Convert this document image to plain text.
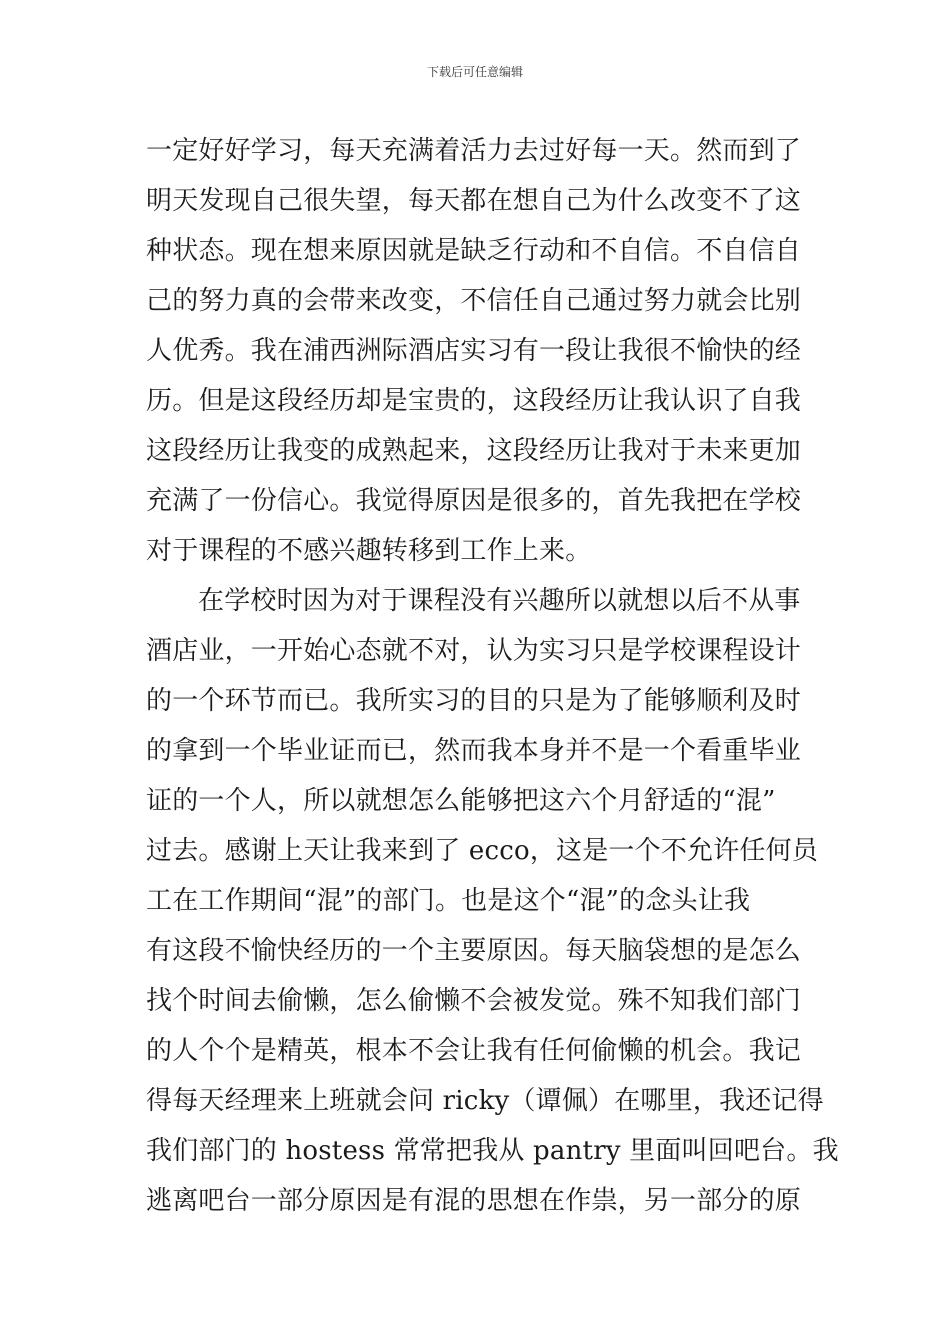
下载后可任意编辑
一定好好学习，每天充满着活力去过好每一天。然而到了
明天发现自己很失望，每天都在想自己为什么改变不了这
种状态。现在想来原因就是缺乏行动和不自信。不自信自
己的努力真的会带来改变，不信任自己通过努力就会比别
人优秀。我在浦西洲际酒店实习有一段让我很不愉快的经
历。但是这段经历却是宝贵的，这段经历让我认识了自我
这段经历让我变的成熟起来，这段经历让我对于未来更加
充满了一份信心。我觉得原因是很多的，首先我把在学校
对于课程的不感兴趣转移到工作上来。
在学校时因为对于课程没有兴趣所以就想以后不从事
酒店业，一开始心态就不对，认为实习只是学校课程设计
的一个环节而已。我所实习的目的只是为了能够顺利及时
的拿到一个毕业证而已，然而我本身并不是一个看重毕业
证的一个人，所以就想怎么能够把这六个月舒适的“混”
过去。感谢上天让我来到了 ecco，这是一个不允许任何员
工在工作期间“混”的部门。也是这个“混”的念头让我
有这段不愉快经历的一个主要原因。每天脑袋想的是怎么
找个时间去偷懒，怎么偷懒不会被发觉。殊不知我们部门
的人个个是精英，根本不会让我有任何偷懒的机会。我记
得每天经理来上班就会问 ricky（谭佩）在哪里，我还记得
我们部门的 hostess 常常把我从 pantry 里面叫回吧台。我
逃离吧台一部分原因是有混的思想在作祟，另一部分的原
